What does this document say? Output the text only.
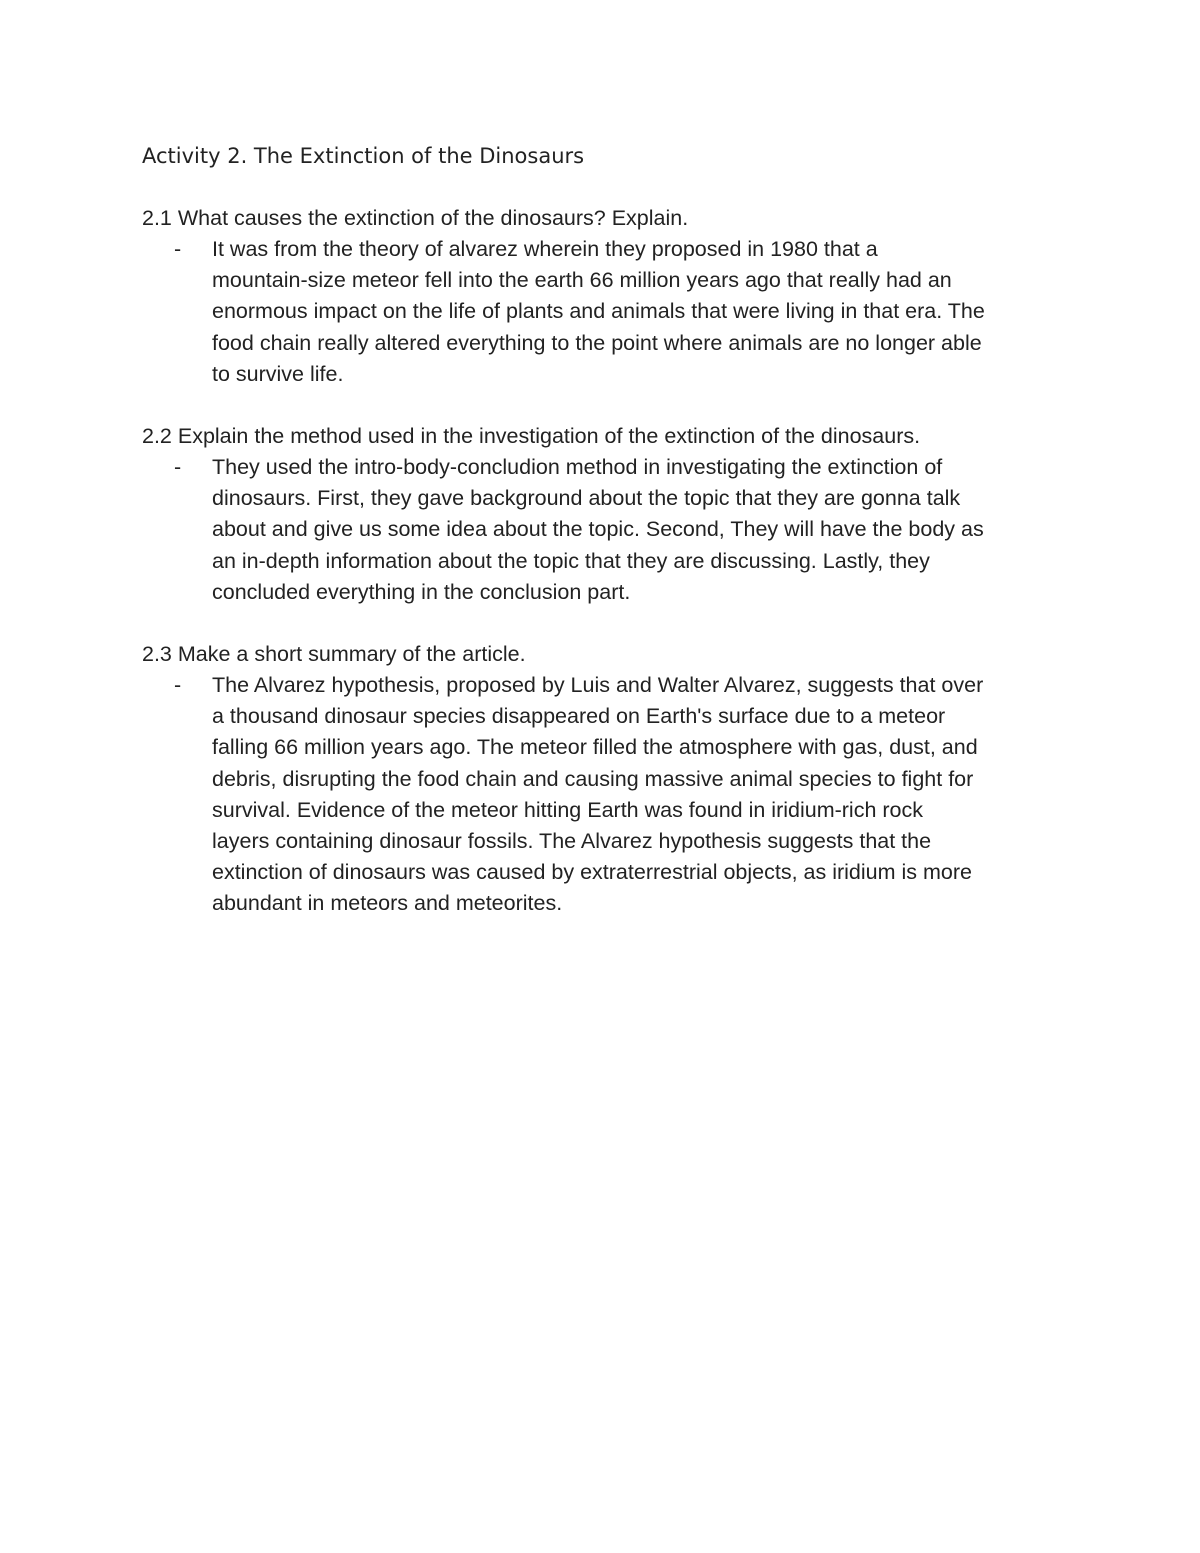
Activity 2. The Extinction of the Dinosaurs

2.1 What causes the extinction of the dinosaurs? Explain.

- It was from the theory of alvarez wherein they proposed in 1980 that a
mountain-size meteor fell into the earth 66 million years ago that really had an
enormous impact on the life of plants and animals that were living in that era. The
food chain really altered everything to the point where animals are no longer able
to survive life.

2.2 Explain the method used in the investigation of the extinction of the dinosaurs.

- They used the intro-body-concludion method in investigating the extinction of
dinosaurs. First, they gave background about the topic that they are gonna talk
about and give us some idea about the topic. Second, They will have the body as
an in-depth information about the topic that they are discussing. Lastly, they
concluded everything in the conclusion part.

2.3 Make a short summary of the article.

- The Alvarez hypothesis, proposed by Luis and Walter Alvarez, suggests that over
a thousand dinosaur species disappeared on Earth's surface due to a meteor
falling 66 million years ago. The meteor filled the atmosphere with gas, dust, and
debris, disrupting the food chain and causing massive animal species to fight for
survival. Evidence of the meteor hitting Earth was found in iridium-rich rock
layers containing dinosaur fossils. The Alvarez hypothesis suggests that the
extinction of dinosaurs was caused by extraterrestrial objects, as iridium is more
abundant in meteors and meteorites.
